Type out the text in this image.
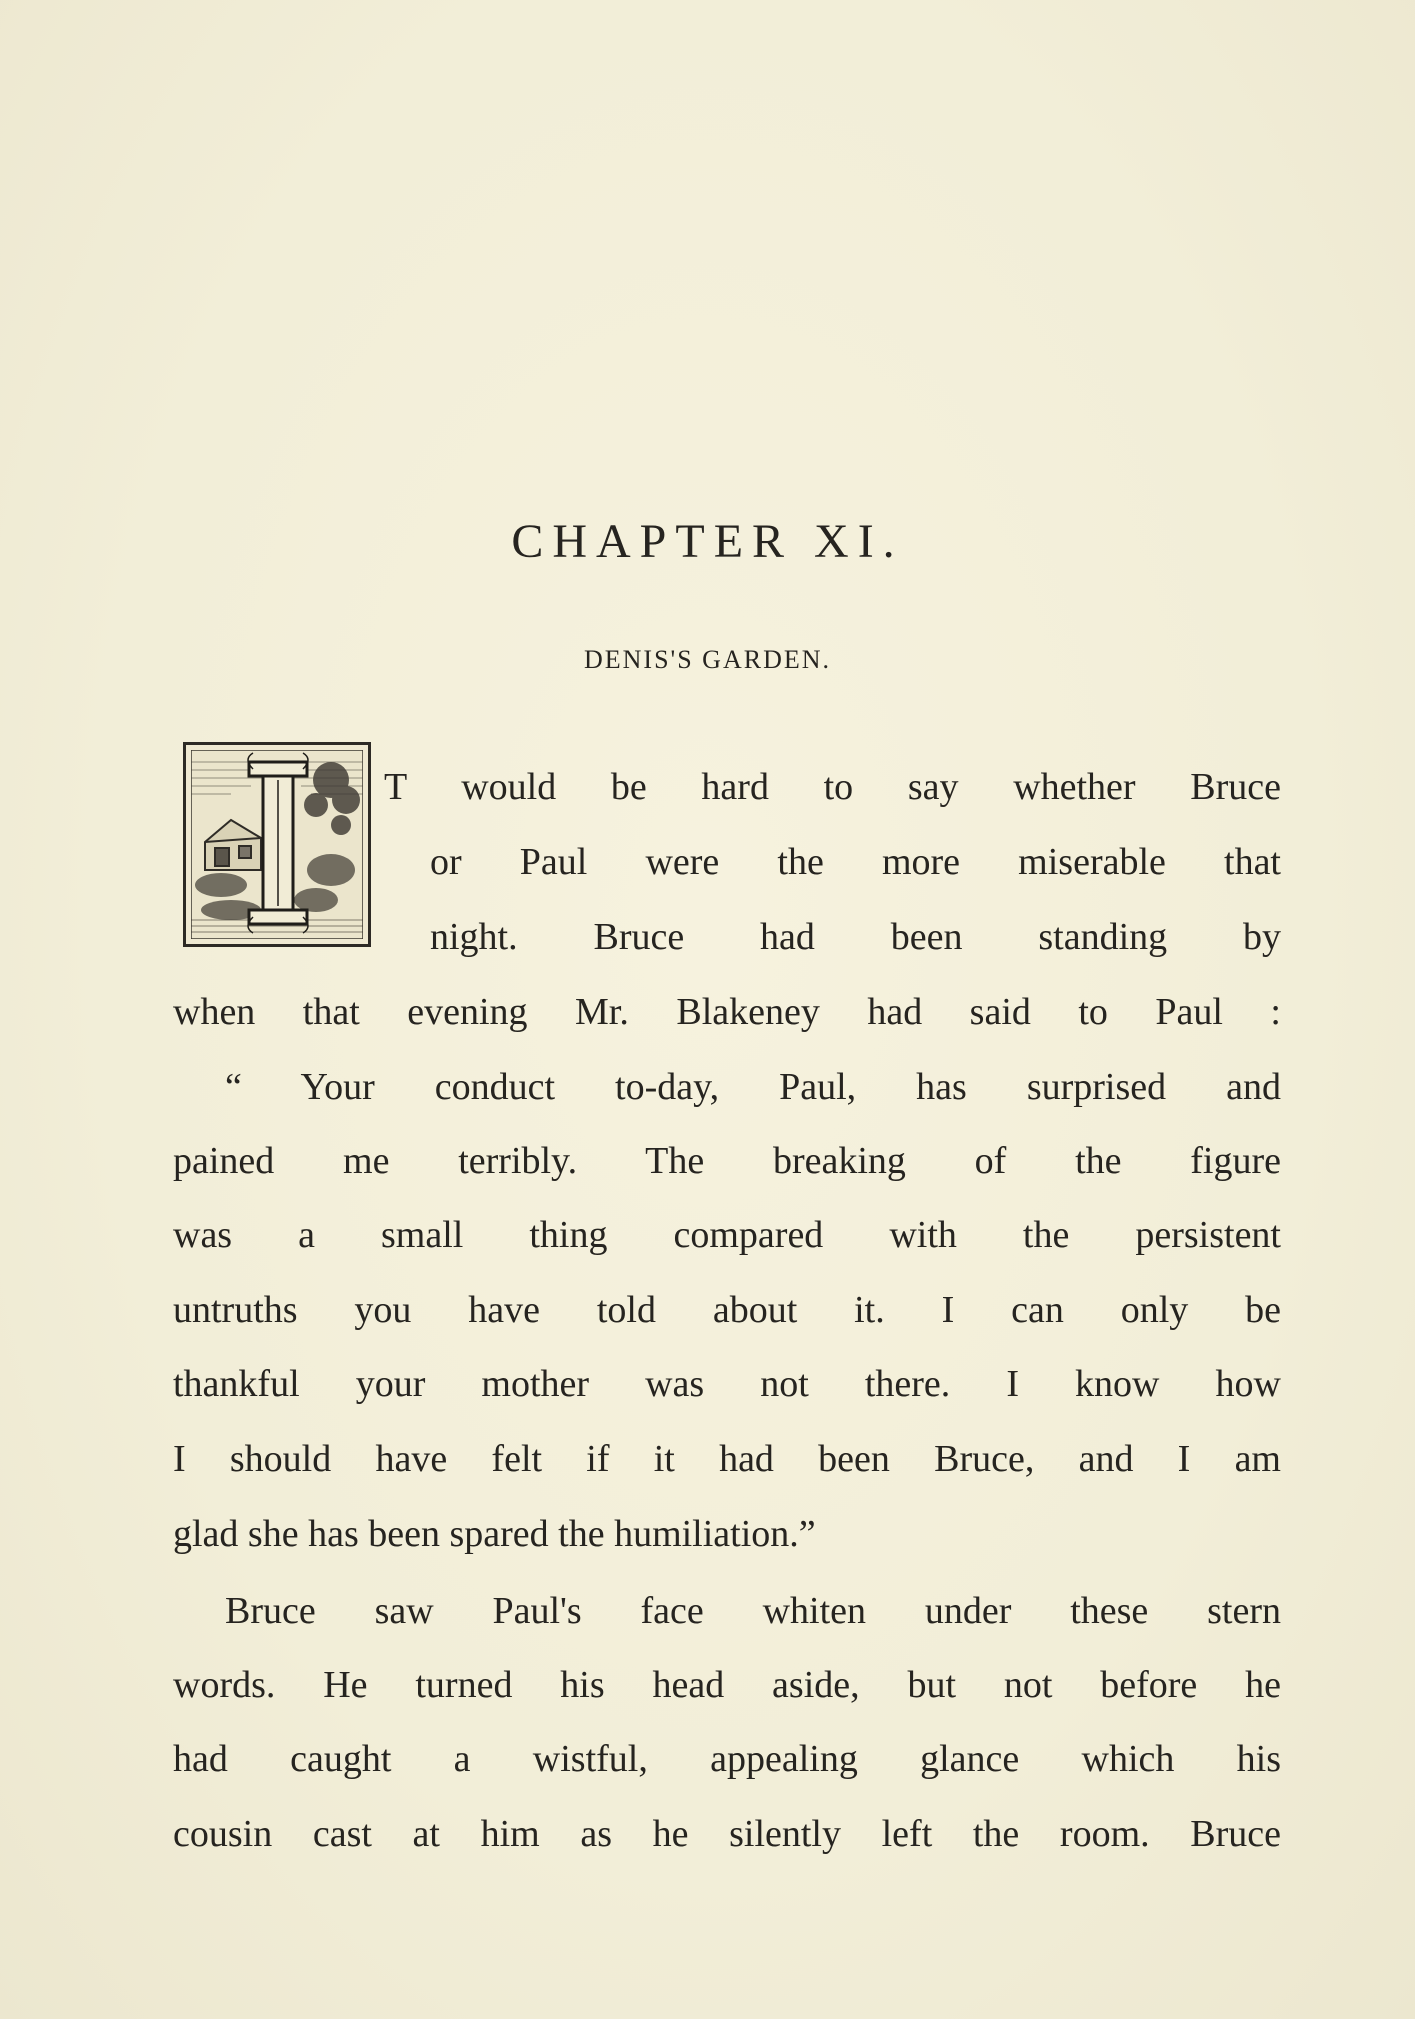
CHAPTER XI.
DENIS'S GARDEN.

T would be hard to say whether Bruce

or Paul were the more miserable that

night. Bruce had been standing by

when that evening Mr. Blakeney had said to Paul :

“ Your conduct to-day, Paul, has surprised and

pained me terribly. The breaking of the figure

was a small thing compared with the persistent

untruths you have told about it. I can only be

thankful your mother was not there. I know how

I should have felt if it had been Bruce, and I am

glad she has been spared the humiliation.”

Bruce saw Paul's face whiten under these stern

words. He turned his head aside, but not before he

had caught a wistful, appealing glance which his

cousin cast at him as he silently left the room. Bruce
